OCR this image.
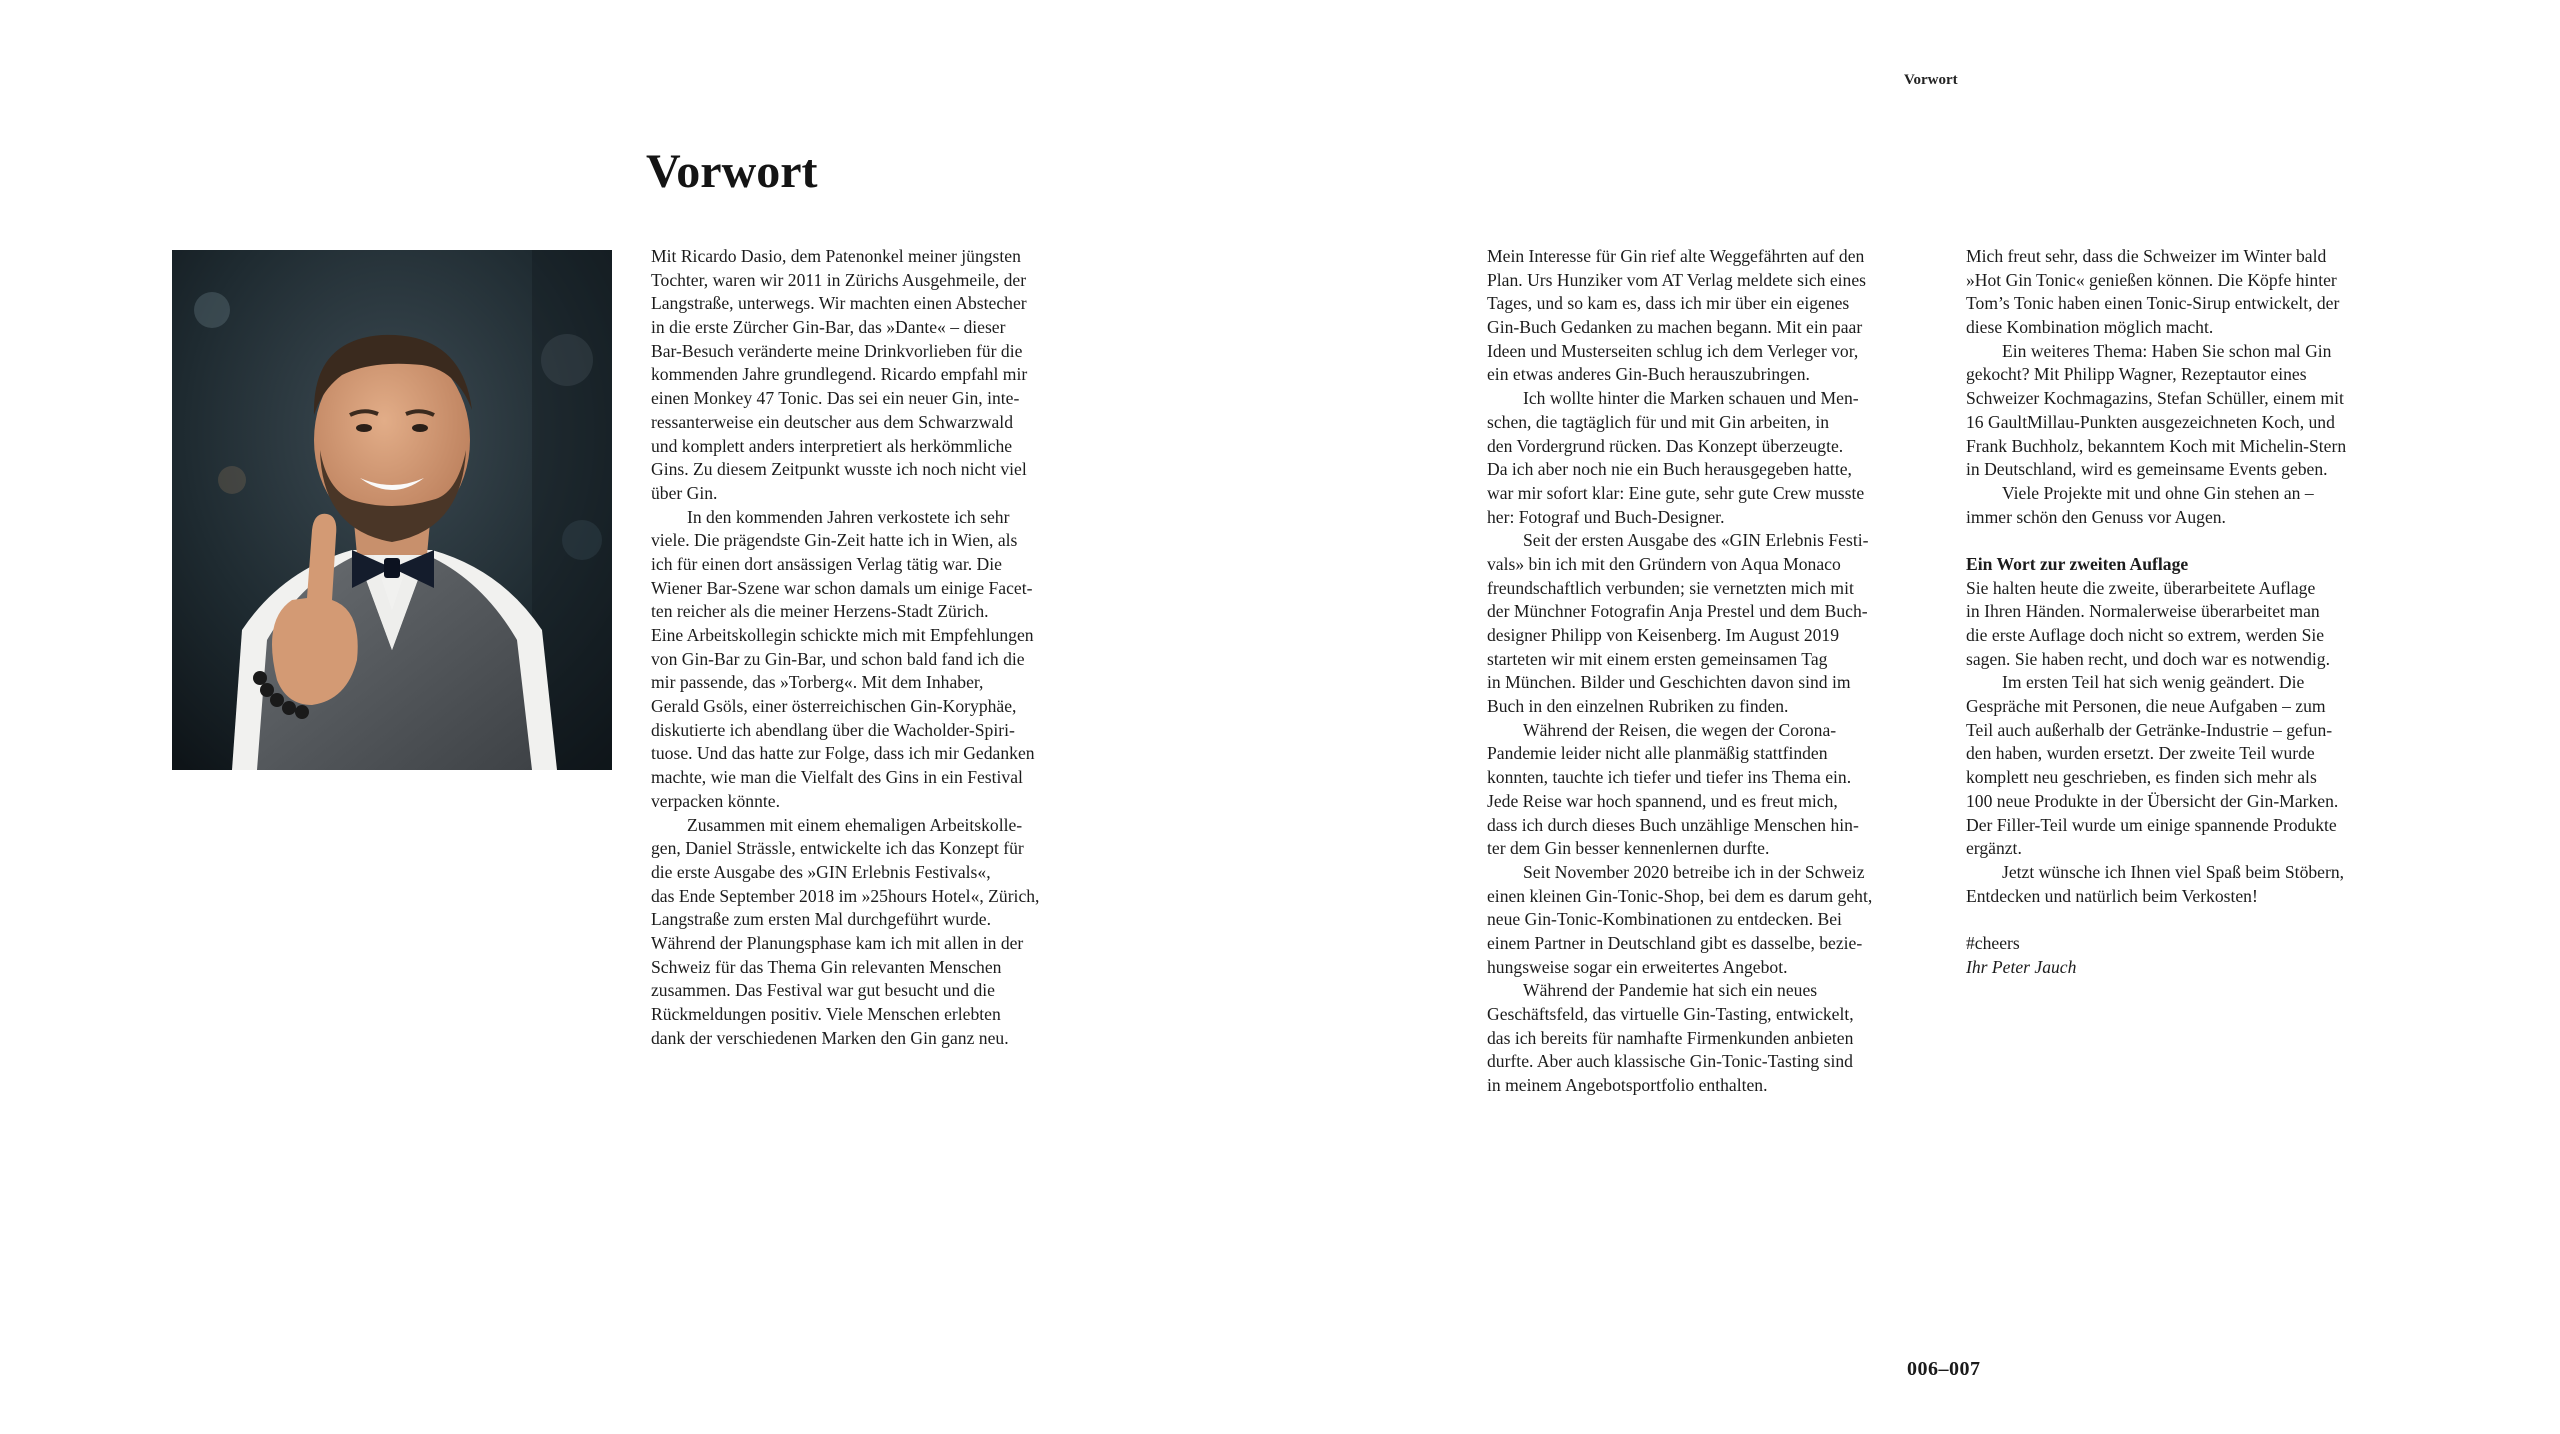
Vorwort
Vorwort
Mit Ricardo Dasio, dem Patenonkel meiner jüngsten
Tochter, waren wir 2011 in Zürichs Ausgehmeile, der
Langstraße, unterwegs. Wir machten einen Abstecher
in die erste Zürcher Gin-Bar, das »Dante« – dieser
Bar-Besuch veränderte meine Drinkvorlieben für die
kommenden Jahre grundlegend. Ricardo empfahl mir
einen Monkey 47 Tonic. Das sei ein neuer Gin, inte-
ressanterweise ein deutscher aus dem Schwarzwald
und komplett anders interpretiert als herkömmliche
Gins. Zu diesem Zeitpunkt wusste ich noch nicht viel
über Gin.
In den kommenden Jahren verkostete ich sehr
viele. Die prägendste Gin-Zeit hatte ich in Wien, als
ich für einen dort ansässigen Verlag tätig war. Die
Wiener Bar-Szene war schon damals um einige Facet-
ten reicher als die meiner Herzens-Stadt Zürich.
Eine Arbeitskollegin schickte mich mit Empfehlungen
von Gin-Bar zu Gin-Bar, und schon bald fand ich die
mir passende, das »Torberg«. Mit dem Inhaber,
Gerald Gsöls, einer österreichischen Gin-Koryphäe,
diskutierte ich abendlang über die Wacholder-Spiri-
tuose. Und das hatte zur Folge, dass ich mir Gedanken
machte, wie man die Vielfalt des Gins in ein Festival
verpacken könnte.
Zusammen mit einem ehemaligen Arbeitskolle-
gen, Daniel Strässle, entwickelte ich das Konzept für
die erste Ausgabe des »GIN Erlebnis Festivals«,
das Ende September 2018 im »25hours Hotel«, Zürich,
Langstraße zum ersten Mal durchgeführt wurde.
Während der Planungsphase kam ich mit allen in der
Schweiz für das Thema Gin relevanten Menschen
zusammen. Das Festival war gut besucht und die
Rückmeldungen positiv. Viele Menschen erlebten
dank der verschiedenen Marken den Gin ganz neu.
Mein Interesse für Gin rief alte Weggefährten auf den
Plan. Urs Hunziker vom AT Verlag meldete sich eines
Tages, und so kam es, dass ich mir über ein eigenes
Gin-Buch Gedanken zu machen begann. Mit ein paar
Ideen und Musterseiten schlug ich dem Verleger vor,
ein etwas anderes Gin-Buch herauszubringen.
Ich wollte hinter die Marken schauen und Men-
schen, die tagtäglich für und mit Gin arbeiten, in
den Vordergrund rücken. Das Konzept überzeugte.
Da ich aber noch nie ein Buch herausgegeben hatte,
war mir sofort klar: Eine gute, sehr gute Crew musste
her: Fotograf und Buch-Designer.
Seit der ersten Ausgabe des «GIN Erlebnis Festi-
vals» bin ich mit den Gründern von Aqua Monaco
freundschaftlich verbunden; sie vernetzten mich mit
der Münchner Fotografin Anja Prestel und dem Buch-
designer Philipp von Keisenberg. Im August 2019
starteten wir mit einem ersten gemeinsamen Tag
in München. Bilder und Geschichten davon sind im
Buch in den einzelnen Rubriken zu finden.
Während der Reisen, die wegen der Corona-
Pandemie leider nicht alle planmäßig stattfinden
konnten, tauchte ich tiefer und tiefer ins Thema ein.
Jede Reise war hoch spannend, und es freut mich,
dass ich durch dieses Buch unzählige Menschen hin-
ter dem Gin besser kennenlernen durfte.
Seit November 2020 betreibe ich in der Schweiz
einen kleinen Gin-Tonic-Shop, bei dem es darum geht,
neue Gin-Tonic-Kombinationen zu entdecken. Bei
einem Partner in Deutschland gibt es dasselbe, bezie-
hungsweise sogar ein erweitertes Angebot.
Während der Pandemie hat sich ein neues
Geschäftsfeld, das virtuelle Gin-Tasting, entwickelt,
das ich bereits für namhafte Firmenkunden anbieten
durfte. Aber auch klassische Gin-Tonic-Tasting sind
in meinem Angebotsportfolio enthalten.
Mich freut sehr, dass die Schweizer im Winter bald
»Hot Gin Tonic« genießen können. Die Köpfe hinter
Tom’s Tonic haben einen Tonic-Sirup entwickelt, der
diese Kombination möglich macht.
Ein weiteres Thema: Haben Sie schon mal Gin
gekocht? Mit Philipp Wagner, Rezeptautor eines
Schweizer Kochmagazins, Stefan Schüller, einem mit
16 GaultMillau-Punkten ausgezeichneten Koch, und
Frank Buchholz, bekanntem Koch mit Michelin-Stern
in Deutschland, wird es gemeinsame Events geben.
Viele Projekte mit und ohne Gin stehen an –
immer schön den Genuss vor Augen.
Ein Wort zur zweiten Auflage
Sie halten heute die zweite, überarbeitete Auflage
in Ihren Händen. Normalerweise überarbeitet man
die erste Auflage doch nicht so extrem, werden Sie
sagen. Sie haben recht, und doch war es notwendig.
Im ersten Teil hat sich wenig geändert. Die
Gespräche mit Personen, die neue Aufgaben – zum
Teil auch außerhalb der Getränke-Industrie – gefun-
den haben, wurden ersetzt. Der zweite Teil wurde
komplett neu geschrieben, es finden sich mehr als
100 neue Produkte in der Übersicht der Gin-Marken.
Der Filler-Teil wurde um einige spannende Produkte
ergänzt.
Jetzt wünsche ich Ihnen viel Spaß beim Stöbern,
Entdecken und natürlich beim Verkosten!
#cheers
Ihr Peter Jauch
006–007
